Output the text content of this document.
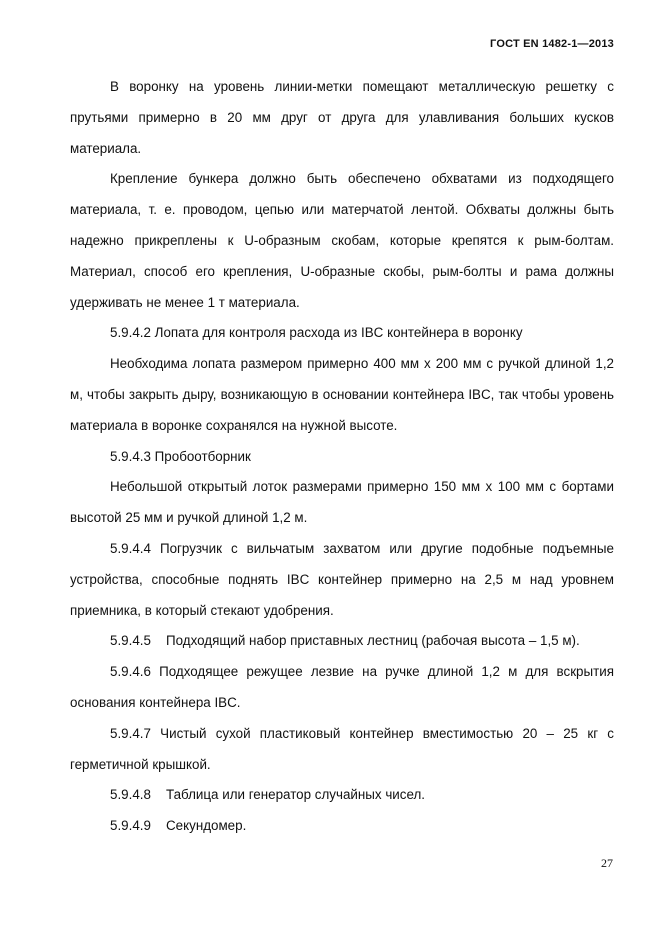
ГОСТ EN 1482-1—2013

В воронку на уровень линии-метки помещают металлическую решетку с прутьями примерно в 20 мм друг от друга для улавливания больших кусков материала.

Крепление бункера должно быть обеспечено обхватами из подходящего материала, т. е. проводом, цепью или матерчатой лентой. Обхваты должны быть надежно прикреплены к U-образным скобам, которые крепятся к рым-болтам. Материал, способ его крепления, U-образные скобы, рым-болты и рама должны удерживать не менее 1 т материала.

5.9.4.2 Лопата для контроля расхода из IBC контейнера в воронку

Необходима лопата размером примерно 400 мм х 200 мм с ручкой длиной 1,2 м, чтобы закрыть дыру, возникающую в основании контейнера IBC, так чтобы уровень материала в воронке сохранялся на нужной высоте.

5.9.4.3 Пробоотборник

Небольшой открытый лоток размерами примерно 150 мм х 100 мм с бортами высотой 25 мм и ручкой длиной 1,2 м.

5.9.4.4 Погрузчик с вильчатым захватом или другие подобные подъемные устройства, способные поднять IBC контейнер примерно на 2,5 м над уровнем приемника, в который стекают удобрения.

5.9.4.5	Подходящий набор приставных лестниц (рабочая высота – 1,5 м).

5.9.4.6 Подходящее режущее лезвие на ручке длиной 1,2 м для вскрытия основания контейнера IBC.

5.9.4.7 Чистый сухой пластиковый контейнер вместимостью 20 – 25 кг с герметичной крышкой.

5.9.4.8	Таблица или генератор случайных чисел.
5.9.4.9	Секундомер.
27
